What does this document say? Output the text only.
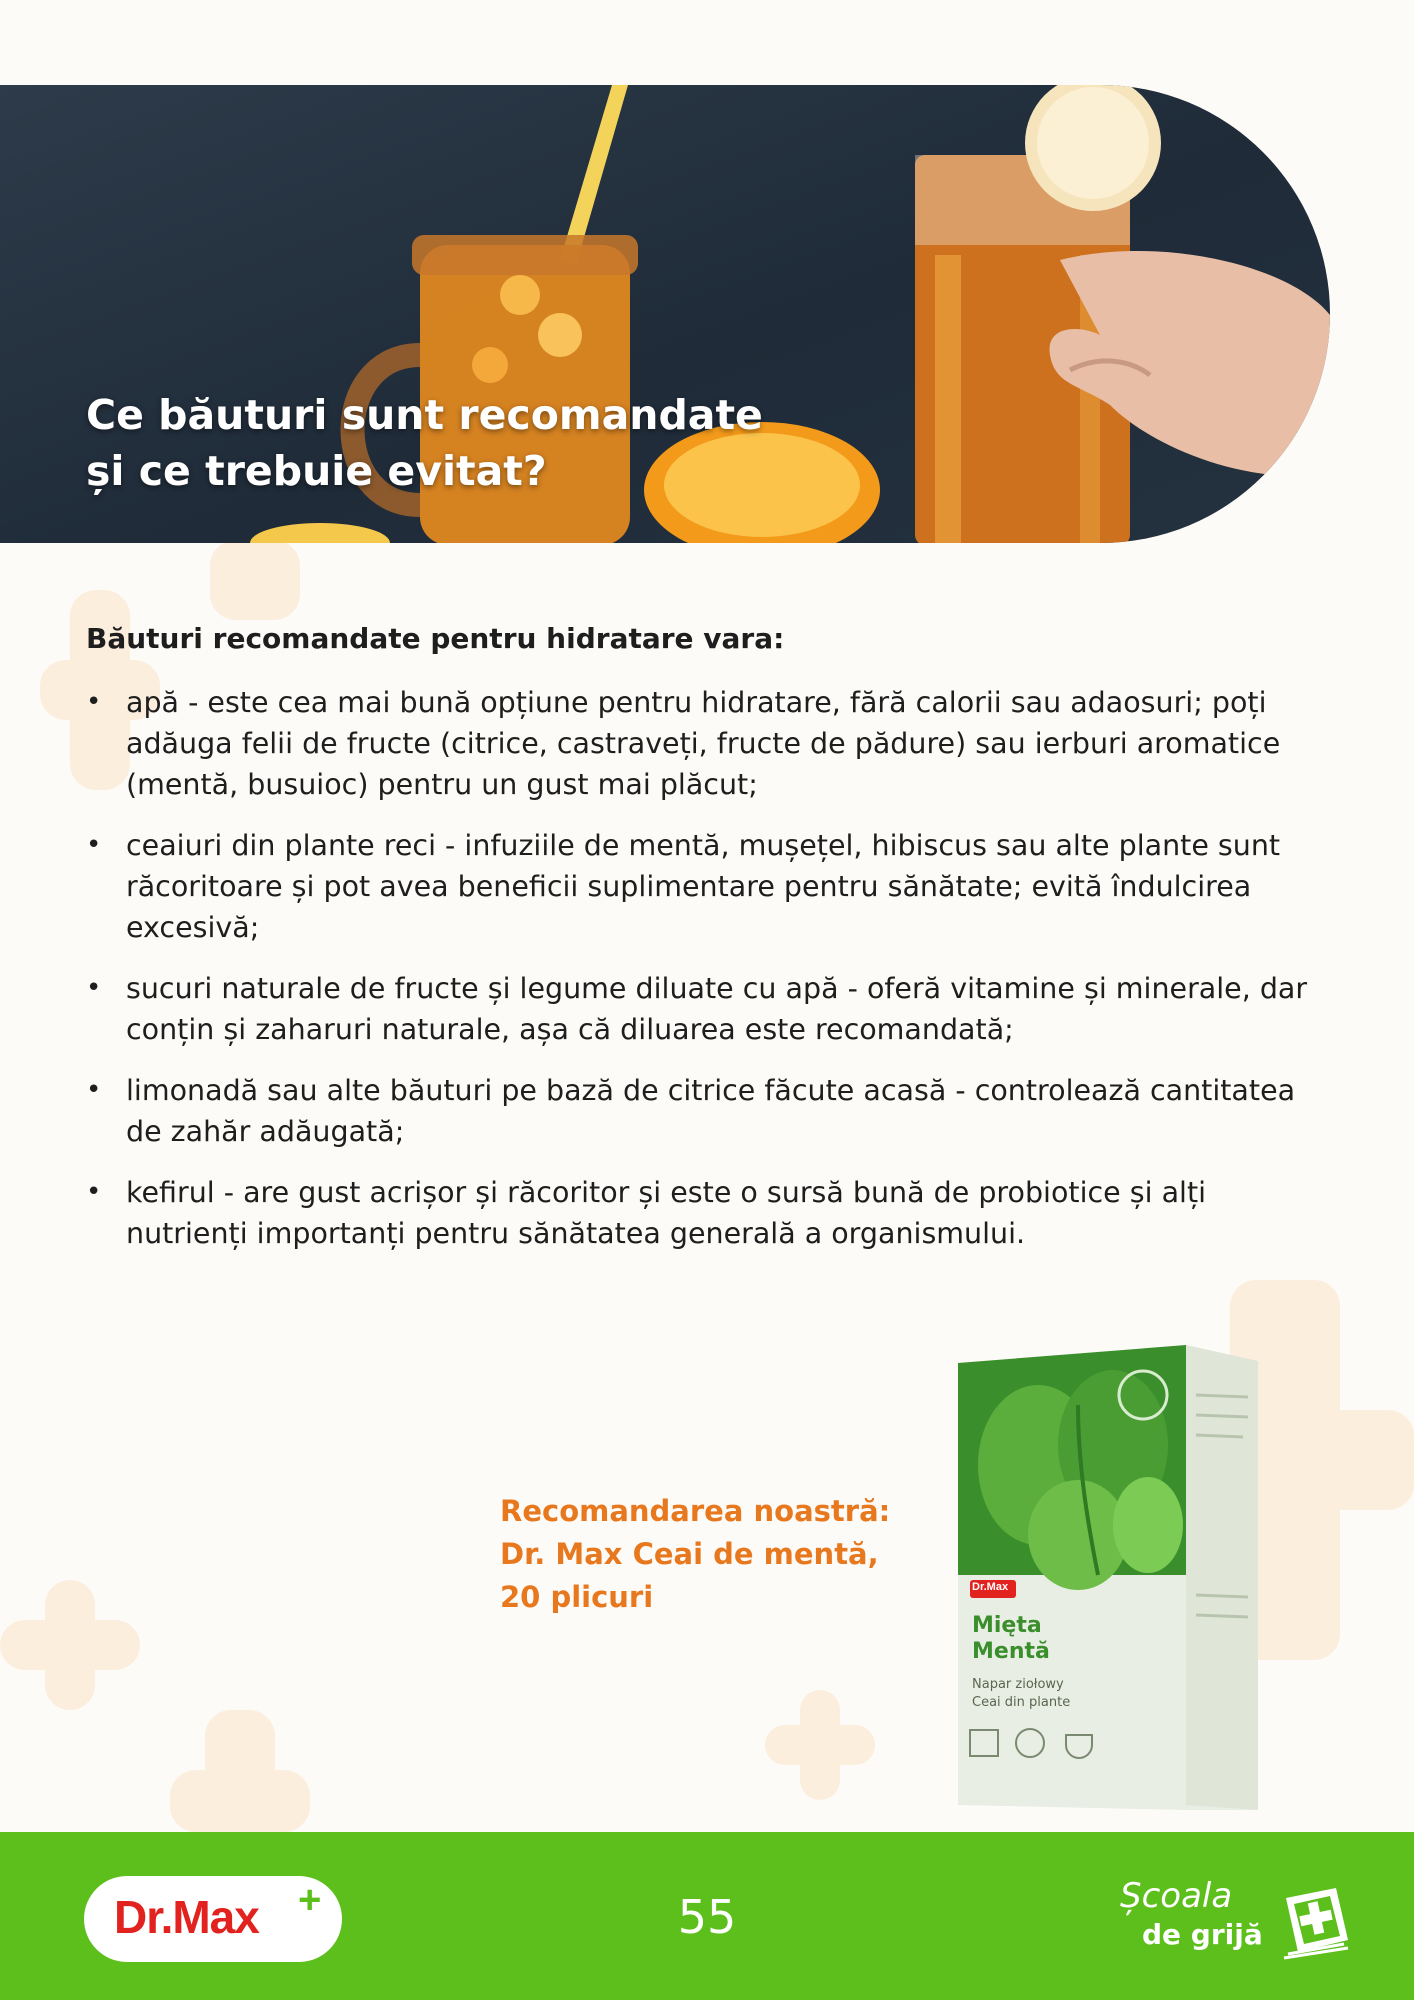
Ce băuturi sunt recomandate
și ce trebuie evitat?
Băuturi recomandate pentru hidratare vara:
• apă - este cea mai bună opțiune pentru hidratare, fără calorii sau adaosuri; poți adăuga felii de fructe (citrice, castraveți, fructe de pădure) sau ierburi aromatice (mentă, busuioc) pentru un gust mai plăcut;
• ceaiuri din plante reci - infuziile de mentă, mușețel, hibiscus sau alte plante sunt răcoritoare și pot avea beneficii suplimentare pentru sănătate; evită îndulcirea excesivă;
• sucuri naturale de fructe și legume diluate cu apă - oferă vitamine și minerale, dar conțin și zaharuri naturale, așa că diluarea este recomandată;
• limonadă sau alte băuturi pe bază de citrice făcute acasă - controlează cantitatea de zahăr adăugată;
• kefirul - are gust acrișor și răcoritor și este o sursă bună de probiotice și alți nutrienți importanți pentru sănătatea generală a organismului.
Recomandarea noastră:
Dr. Max Ceai de mentă,
20 plicuri	Dr.Max
Mięta
Mentă
Napar ziołowy
Ceai din plante
Dr.Max +	55	Școala
de grijă
